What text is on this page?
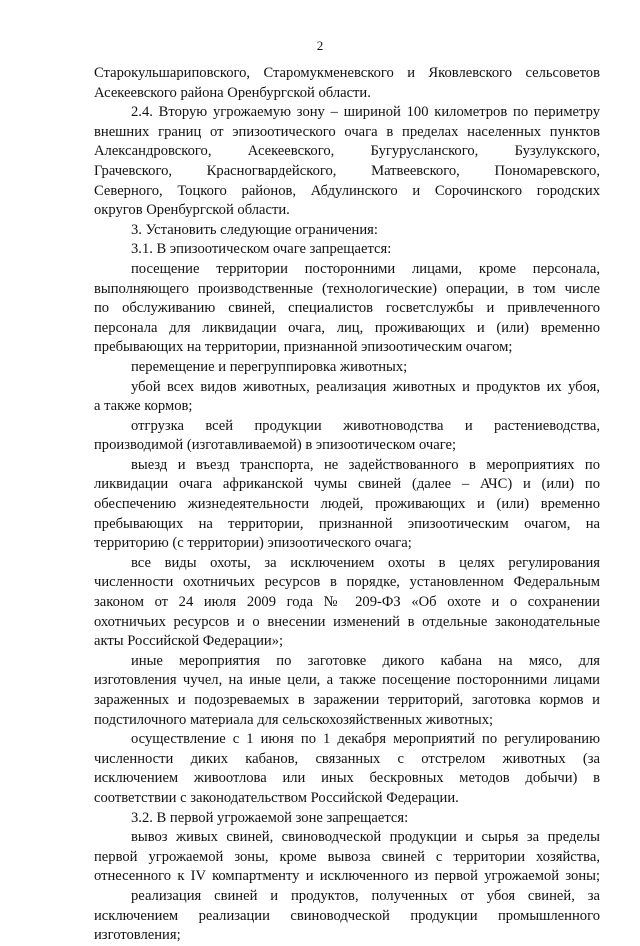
2
Старокульшариповского, Старомукменевского и Яковлевского сельсоветов
Асекеевского района Оренбургской области.
2.4. Вторую угрожаемую зону – шириной 100 километров по периметру
внешних границ от эпизоотического очага в пределах населенных пунктов
Александровского, Асекеевского, Бугурусланского, Бузулукского,
Грачевского, Красногвардейского, Матвеевского, Пономаревского,
Северного, Тоцкого районов, Абдулинского и Сорочинского городских
округов Оренбургской области.
3. Установить следующие ограничения:
3.1. В эпизоотическом очаге запрещается:
посещение территории посторонними лицами, кроме персонала,
выполняющего производственные (технологические) операции, в том числе
по обслуживанию свиней, специалистов госветслужбы и привлеченного
персонала для ликвидации очага, лиц, проживающих и (или) временно
пребывающих на территории, признанной эпизоотическим очагом;
перемещение и перегруппировка животных;
убой всех видов животных, реализация животных и продуктов их убоя,
а также кормов;
отгрузка всей продукции животноводства и растениеводства,
производимой (изготавливаемой) в эпизоотическом очаге;
выезд и въезд транспорта, не задействованного в мероприятиях по
ликвидации очага африканской чумы свиней (далее – АЧС) и (или) по
обеспечению жизнедеятельности людей, проживающих и (или) временно
пребывающих на территории, признанной эпизоотическим очагом, на
территорию (с территории) эпизоотического очага;
все виды охоты, за исключением охоты в целях регулирования
численности охотничьих ресурсов в порядке, установленном Федеральным
законом от 24 июля 2009 года № 209-ФЗ «Об охоте и о сохранении
охотничьих ресурсов и о внесении изменений в отдельные законодательные
акты Российской Федерации»;
иные мероприятия по заготовке дикого кабана на мясо, для
изготовления чучел, на иные цели, а также посещение посторонними лицами
зараженных и подозреваемых в заражении территорий, заготовка кормов и
подстилочного материала для сельскохозяйственных животных;
осуществление с 1 июня по 1 декабря мероприятий по регулированию
численности диких кабанов, связанных с отстрелом животных (за
исключением живоотлова или иных бескровных методов добычи) в
соответствии с законодательством Российской Федерации.
3.2. В первой угрожаемой зоне запрещается:
вывоз живых свиней, свиноводческой продукции и сырья за пределы
первой угрожаемой зоны, кроме вывоза свиней с территории хозяйства,
отнесенного к IV компартменту и исключенного из первой угрожаемой зоны;
реализация свиней и продуктов, полученных от убоя свиней, за
исключением реализации свиноводческой продукции промышленного
изготовления;
